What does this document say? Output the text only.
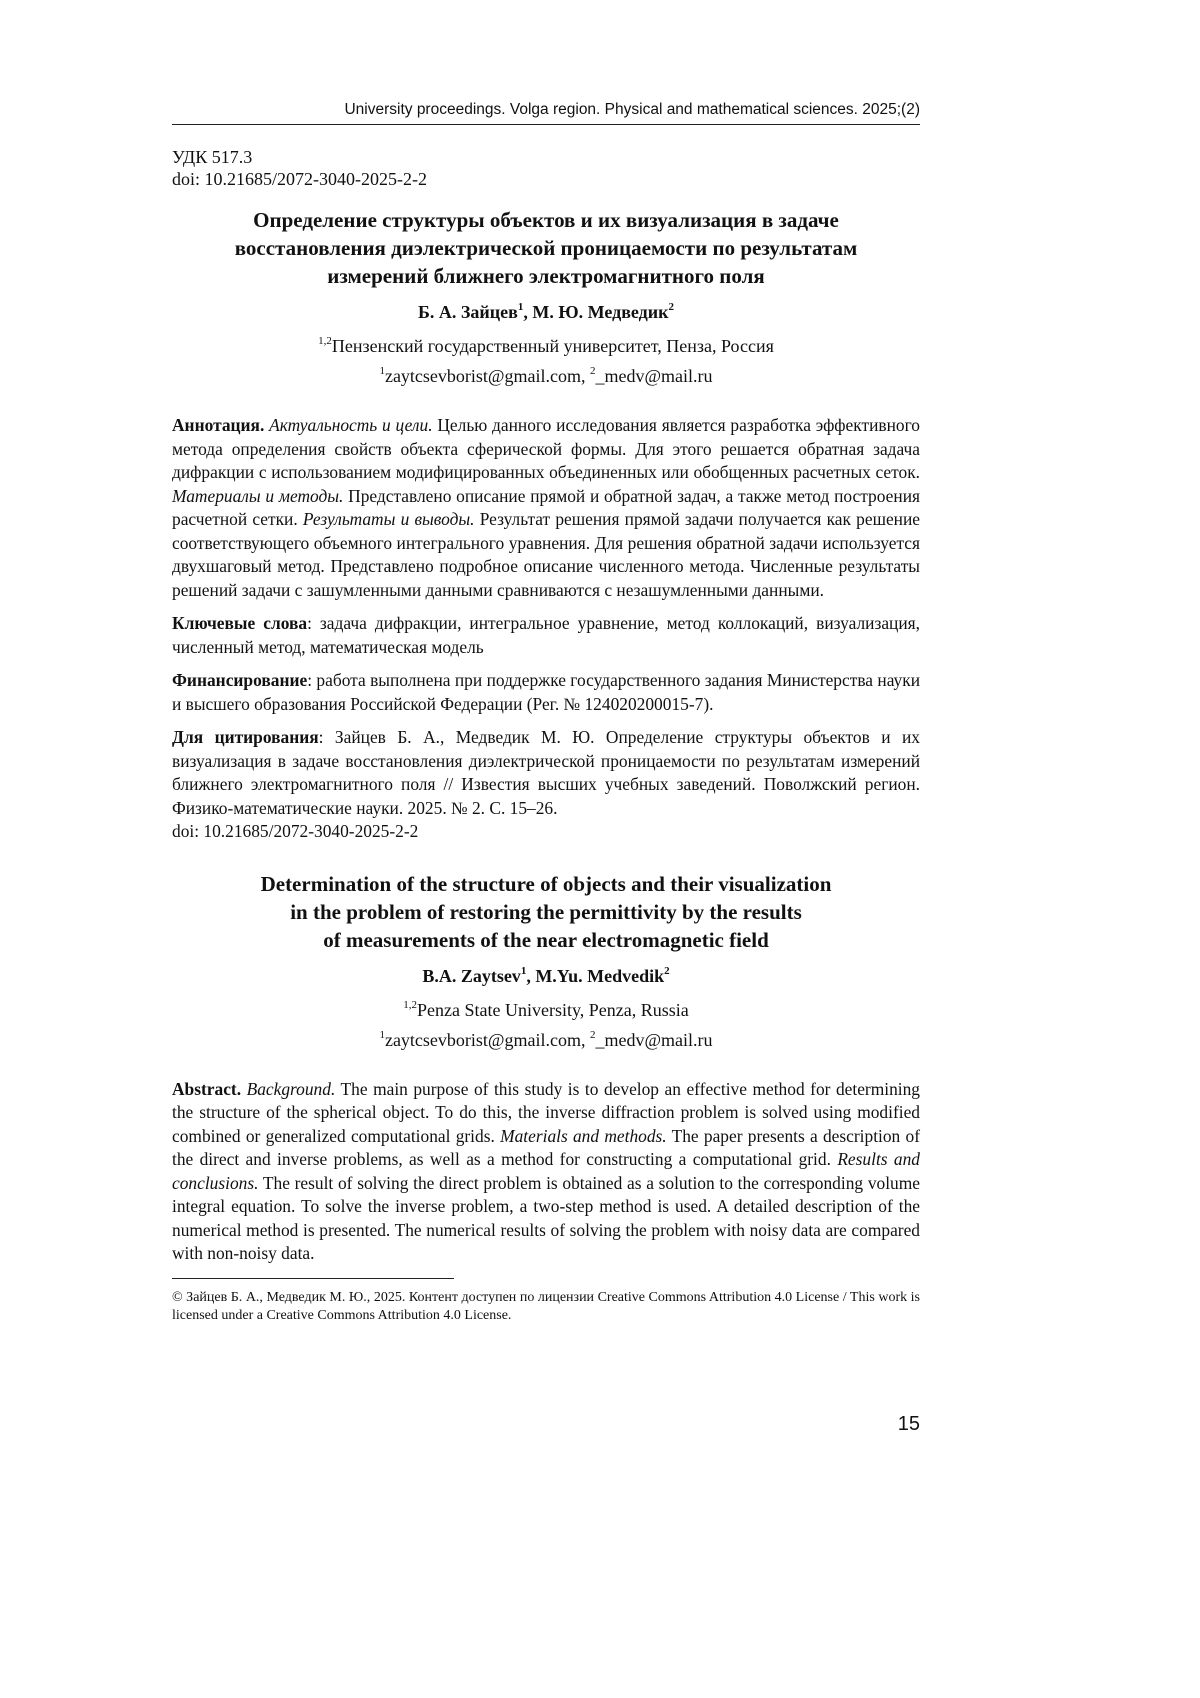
University proceedings. Volga region. Physical and mathematical sciences. 2025;(2)
УДК 517.3
doi: 10.21685/2072-3040-2025-2-2
Определение структуры объектов и их визуализация в задаче
восстановления диэлектрической проницаемости по результатам
измерений ближнего электромагнитного поля
Б. А. Зайцев$^1$, М. Ю. Медведик$^2$
$^{1,2}$Пензенский государственный университет, Пенза, Россия
$^1$zaytcsevborist@gmail.com, $^2$_medv@mail.ru

Аннотация. Актуальность и цели. Целью данного исследования является разработка эффективного метода определения свойств объекта сферической формы. Для этого решается обратная задача дифракции с использованием модифицированных объединенных или обобщенных расчетных сеток. Материалы и методы. Представлено описание прямой и обратной задач, а также метод построения расчетной сетки. Результаты и выводы. Результат решения прямой задачи получается как решение соответствующего объемного интегрального уравнения. Для решения обратной задачи используется двухшаговый метод. Представлено подробное описание численного метода. Численные результаты решений задачи с зашумленными данными сравниваются с незашумленными данными.

Ключевые слова: задача дифракции, интегральное уравнение, метод коллокаций, визуализация, численный метод, математическая модель

Финансирование: работа выполнена при поддержке государственного задания Министерства науки и высшего образования Российской Федерации (Рег. № 124020200015-7).

Для цитирования: Зайцев Б. А., Медведик М. Ю. Определение структуры объектов и их визуализация в задаче восстановления диэлектрической проницаемости по результатам измерений ближнего электромагнитного поля // Известия высших учебных заведений. Поволжский регион. Физико-математические науки. 2025. № 2. С. 15–26.

doi: 10.21685/2072-3040-2025-2-2
Determination of the structure of objects and their visualization
in the problem of restoring the permittivity by the results
of measurements of the near electromagnetic field
B.A. Zaytsev$^1$, M.Yu. Medvedik$^2$
$^{1,2}$Penza State University, Penza, Russia
$^1$zaytcsevborist@gmail.com, $^2$_medv@mail.ru

Abstract. Background. The main purpose of this study is to develop an effective method for determining the structure of the spherical object. To do this, the inverse diffraction problem is solved using modified combined or generalized computational grids. Materials and methods. The paper presents a description of the direct and inverse problems, as well as a method for constructing a computational grid. Results and conclusions. The result of solving the direct problem is obtained as a solution to the corresponding volume integral equation. To solve the inverse problem, a two-step method is used. A detailed description of the numerical method is presented. The numerical results of solving the problem with noisy data are compared with non-noisy data.

© Зайцев Б. А., Медведик М. Ю., 2025. Контент доступен по лицензии Creative Commons Attribution 4.0 License / This work is licensed under a Creative Commons Attribution 4.0 License.
15
